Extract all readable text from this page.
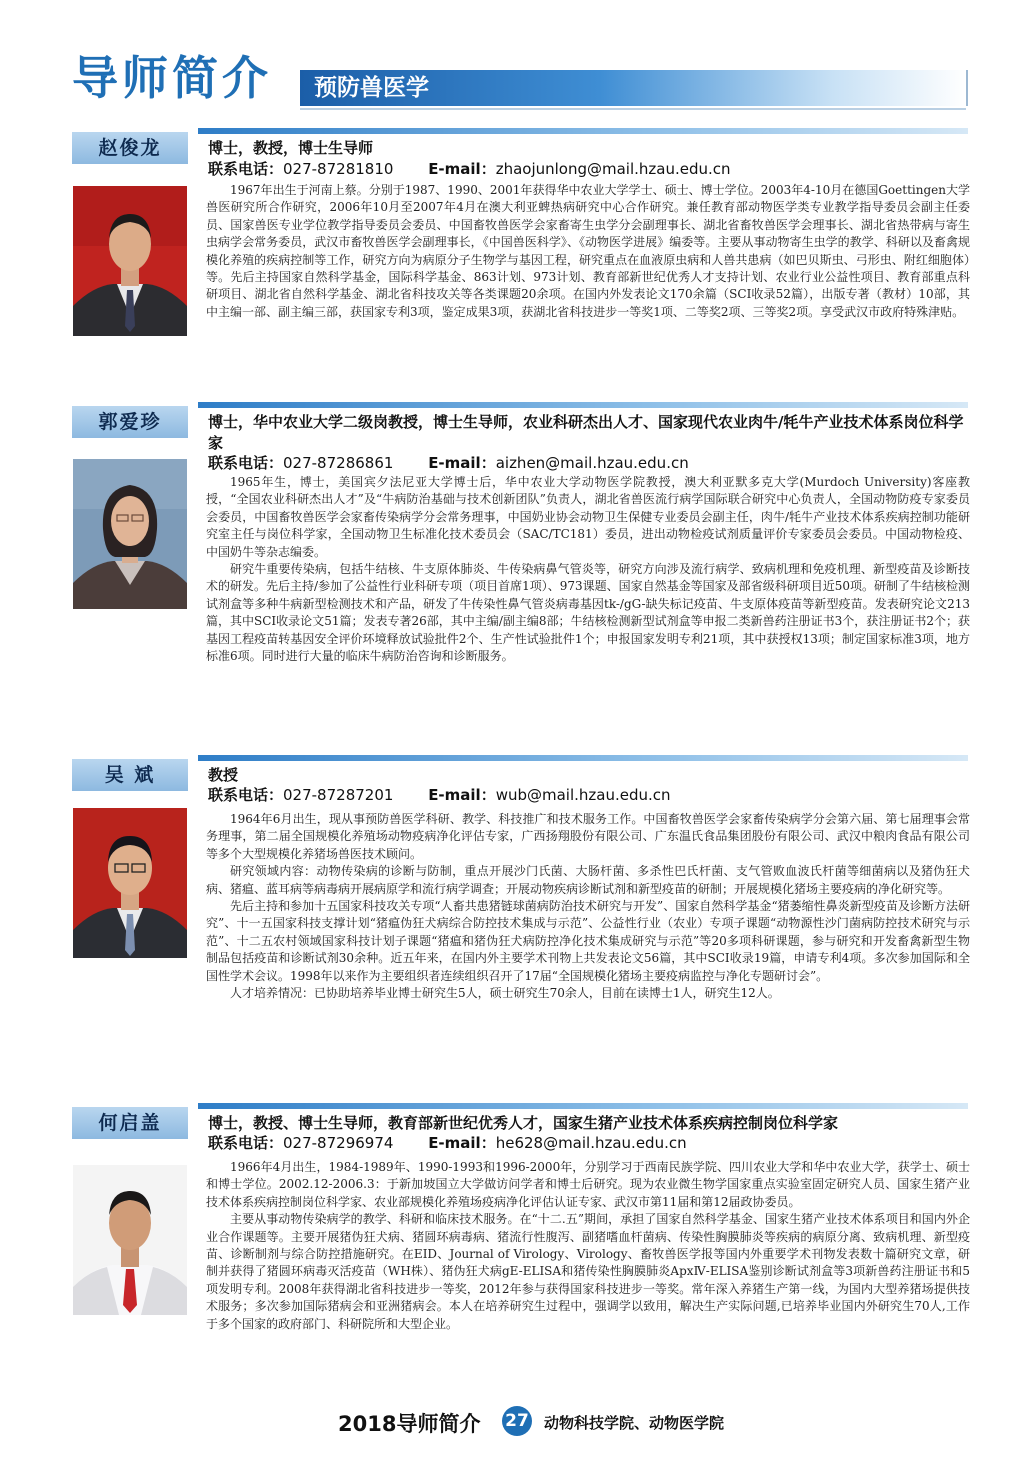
导师简介 预防兽医学
赵俊龙	博士，教授，博士生导师
联系电话：027-87281810 E-mail：zhaojunlong@mail.hzau.edu.cn

1967年出生于河南上蔡。分别于1987、1990、2001年获得华中农业大学学士、硕士、博士学位。2003年4-10月在德国Goettingen大学兽医研究所合作研究，2006年10月至2007年4月在澳大利亚蜱热病研究中心合作研究。兼任教育部动物医学类专业教学指导委员会副主任委员、国家兽医专业学位教学指导委员会委员、中国畜牧兽医学会家畜寄生虫学分会副理事长、湖北省畜牧兽医学会理事长、湖北省热带病与寄生虫病学会常务委员，武汉市畜牧兽医学会副理事长，《中国兽医科学》、《动物医学进展》编委等。主要从事动物寄生虫学的教学、科研以及畜禽规模化养殖的疾病控制等工作，研究方向为病原分子生物学与基因工程，研究重点在血液原虫病和人兽共患病（如巴贝斯虫、弓形虫、附红细胞体）等。先后主持国家自然科学基金，国际科学基金、863计划、973计划、教育部新世纪优秀人才支持计划、农业行业公益性项目、教育部重点科研项目、湖北省自然科学基金、湖北省科技攻关等各类课题20余项。在国内外发表论文170余篇（SCI收录52篇），出版专著（教材）10部，其中主编一部、副主编三部，获国家专利3项，鉴定成果3项，获湖北省科技进步一等奖1项、二等奖2项、三等奖2项。享受武汉市政府特殊津贴。

郭爱珍	博士，华中农业大学二级岗教授，博士生导师，农业科研杰出人才、国家现代农业肉牛/牦牛产业技术体系岗位科学家
联系电话：027-87286861 E-mail：aizhen@mail.hzau.edu.cn

1965年生，博士，美国宾夕法尼亚大学博士后，华中农业大学动物医学院教授，澳大利亚默多克大学(Murdoch University)客座教授，“全国农业科研杰出人才”及“牛病防治基础与技术创新团队”负责人，湖北省兽医流行病学国际联合研究中心负责人，全国动物防疫专家委员会委员，中国畜牧兽医学会家畜传染病学分会常务理事，中国奶业协会动物卫生保健专业委员会副主任，肉牛/牦牛产业技术体系疾病控制功能研究室主任与岗位科学家，全国动物卫生标准化技术委员会（SAC/TC181）委员，进出动物检疫试剂质量评价专家委员会委员。中国动物检疫、中国奶牛等杂志编委。

研究牛重要传染病，包括牛结核、牛支原体肺炎、牛传染病鼻气管炎等，研究方向涉及流行病学、致病机理和免疫机理、新型疫苗及诊断技术的研发。先后主持/参加了公益性行业科研专项（项目首席1项）、973课题、国家自然基金等国家及部省级科研项目近50项。研制了牛结核检测试剂盒等多种牛病新型检测技术和产品，研发了牛传染性鼻气管炎病毒基因tk-/gG-缺失标记疫苗、牛支原体疫苗等新型疫苗。发表研究论文213篇，其中SCI收录论文51篇；发表专著26部，其中主编/副主编8部；牛结核检测新型试剂盒等申报二类新兽药注册证书3个，获注册证书2个；获基因工程疫苗转基因安全评价环境释放试验批件2个、生产性试验批件1个；申报国家发明专利21项，其中获授权13项；制定国家标准3项，地方标准6项。同时进行大量的临床牛病防治咨询和诊断服务。

吴 斌	教授
联系电话：027-87287201 E-mail：wub@mail.hzau.edu.cn

1964年6月出生，现从事预防兽医学科研、教学、科技推广和技术服务工作。中国畜牧兽医学会家畜传染病学分会第六届、第七届理事会常务理事，第二届全国规模化养殖场动物疫病净化评估专家，广西扬翔股份有限公司、广东温氏食品集团股份有限公司、武汉中粮肉食品有限公司等多个大型规模化养猪场兽医技术顾问。

研究领域内容：动物传染病的诊断与防制，重点开展沙门氏菌、大肠杆菌、多杀性巴氏杆菌、支气管败血波氏杆菌等细菌病以及猪伪狂犬病、猪瘟、蓝耳病等病毒病开展病原学和流行病学调查；开展动物疾病诊断试剂和新型疫苗的研制；开展规模化猪场主要疫病的净化研究等。

先后主持和参加十五国家科技攻关专项“人畜共患猪链球菌病防治技术研究与开发”、国家自然科学基金“猪萎缩性鼻炎新型疫苗及诊断方法研究”、十一五国家科技支撑计划“猪瘟伪狂犬病综合防控技术集成与示范”、公益性行业（农业）专项子课题“动物源性沙门菌病防控技术研究与示范”、十二五农村领域国家科技计划子课题“猪瘟和猪伪狂犬病防控净化技术集成研究与示范”等20多项科研课题，参与研究和开发畜禽新型生物制品包括疫苗和诊断试剂30余种。近五年来，在国内外主要学术刊物上共发表论文56篇，其中SCI收录19篇，申请专利4项。多次参加国际和全国性学术会议。1998年以来作为主要组织者连续组织召开了17届“全国规模化猪场主要疫病监控与净化专题研讨会”。

人才培养情况：已协助培养毕业博士研究生5人，硕士研究生70余人，目前在读博士1人，研究生12人。

何启盖	博士，教授、博士生导师，教育部新世纪优秀人才，国家生猪产业技术体系疾病控制岗位科学家
联系电话：027-87296974 E-mail：he628@mail.hzau.edu.cn

1966年4月出生，1984-1989年、1990-1993和1996-2000年，分别学习于西南民族学院、四川农业大学和华中农业大学，获学士、硕士和博士学位。2002.12-2006.3：于新加坡国立大学做访问学者和博士后研究。现为农业微生物学国家重点实验室固定研究人员、国家生猪产业技术体系疾病控制岗位科学家、农业部规模化养殖场疫病净化评估认证专家、武汉市第11届和第12届政协委员。

主要从事动物传染病学的教学、科研和临床技术服务。在“十二.五”期间，承担了国家自然科学基金、国家生猪产业技术体系项目和国内外企业合作课题等。主要开展猪伪狂犬病、猪圆环病毒病、猪流行性腹泻、副猪嗜血杆菌病、传染性胸膜肺炎等疾病的病原分离、致病机理、新型疫苗、诊断制剂与综合防控措施研究。在EID、Journal of Virology、Virology、畜牧兽医学报等国内外重要学术刊物发表数十篇研究文章，研制并获得了猪圆环病毒灭活疫苗（WH株）、猪伪狂犬病gE-ELISA和猪传染性胸膜肺炎ApxⅣ-ELISA鉴别诊断试剂盒等3项新兽药注册证书和5项发明专利。2008年获得湖北省科技进步一等奖，2012年参与获得国家科技进步一等奖。常年深入养猪生产第一线，为国内大型养猪场提供技术服务；多次参加国际猪病会和亚洲猪病会。本人在培养研究生过程中，强调学以致用，解决生产实际问题,已培养毕业国内外研究生70人,工作于多个国家的政府部门、科研院所和大型企业。

2018导师简介 27 动物科技学院、动物医学院
